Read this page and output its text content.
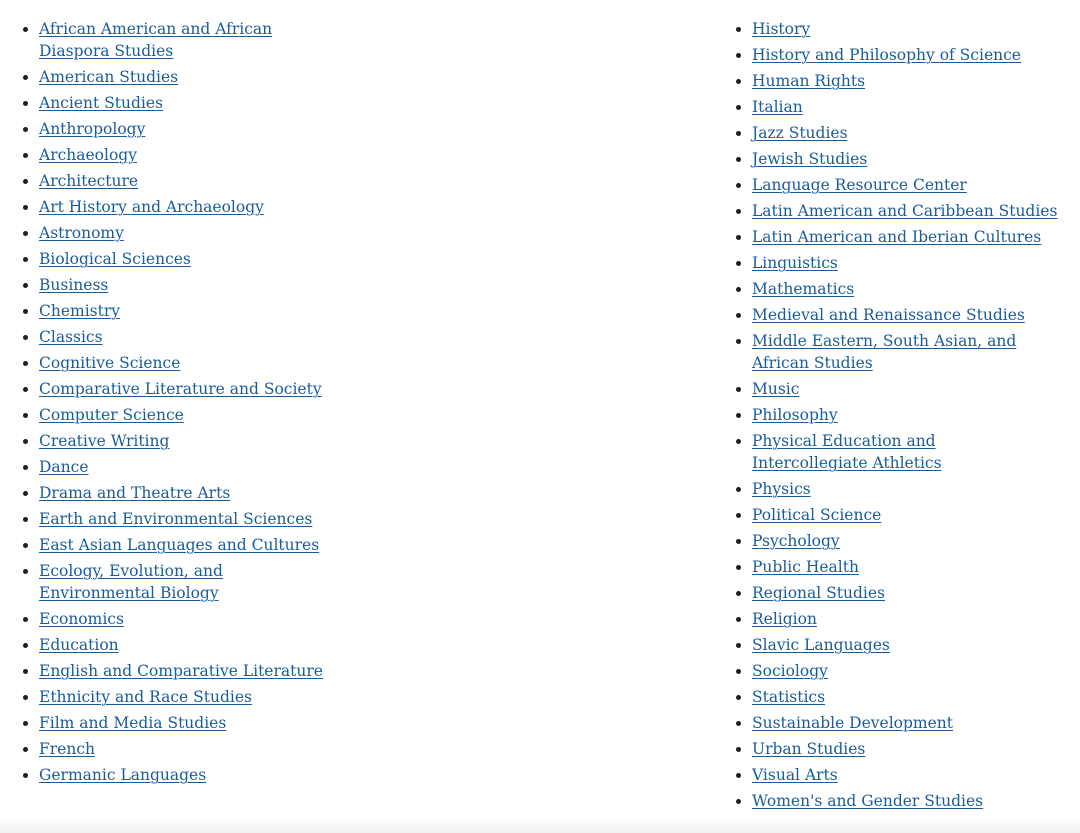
African American and African Diaspora Studies
American Studies
Ancient Studies
Anthropology
Archaeology
Architecture
Art History and Archaeology
Astronomy
Biological Sciences
Business
Chemistry
Classics
Cognitive Science
Comparative Literature and Society
Computer Science
Creative Writing
Dance
Drama and Theatre Arts
Earth and Environmental Sciences
East Asian Languages and Cultures
Ecology, Evolution, and Environmental Biology
Economics
Education
English and Comparative Literature
Ethnicity and Race Studies
Film and Media Studies
French
Germanic Languages
History
History and Philosophy of Science
Human Rights
Italian
Jazz Studies
Jewish Studies
Language Resource Center
Latin American and Caribbean Studies
Latin American and Iberian Cultures
Linguistics
Mathematics
Medieval and Renaissance Studies
Middle Eastern, South Asian, and African Studies
Music
Philosophy
Physical Education and Intercollegiate Athletics
Physics
Political Science
Psychology
Public Health
Regional Studies
Religion
Slavic Languages
Sociology
Statistics
Sustainable Development
Urban Studies
Visual Arts
Women's and Gender Studies
